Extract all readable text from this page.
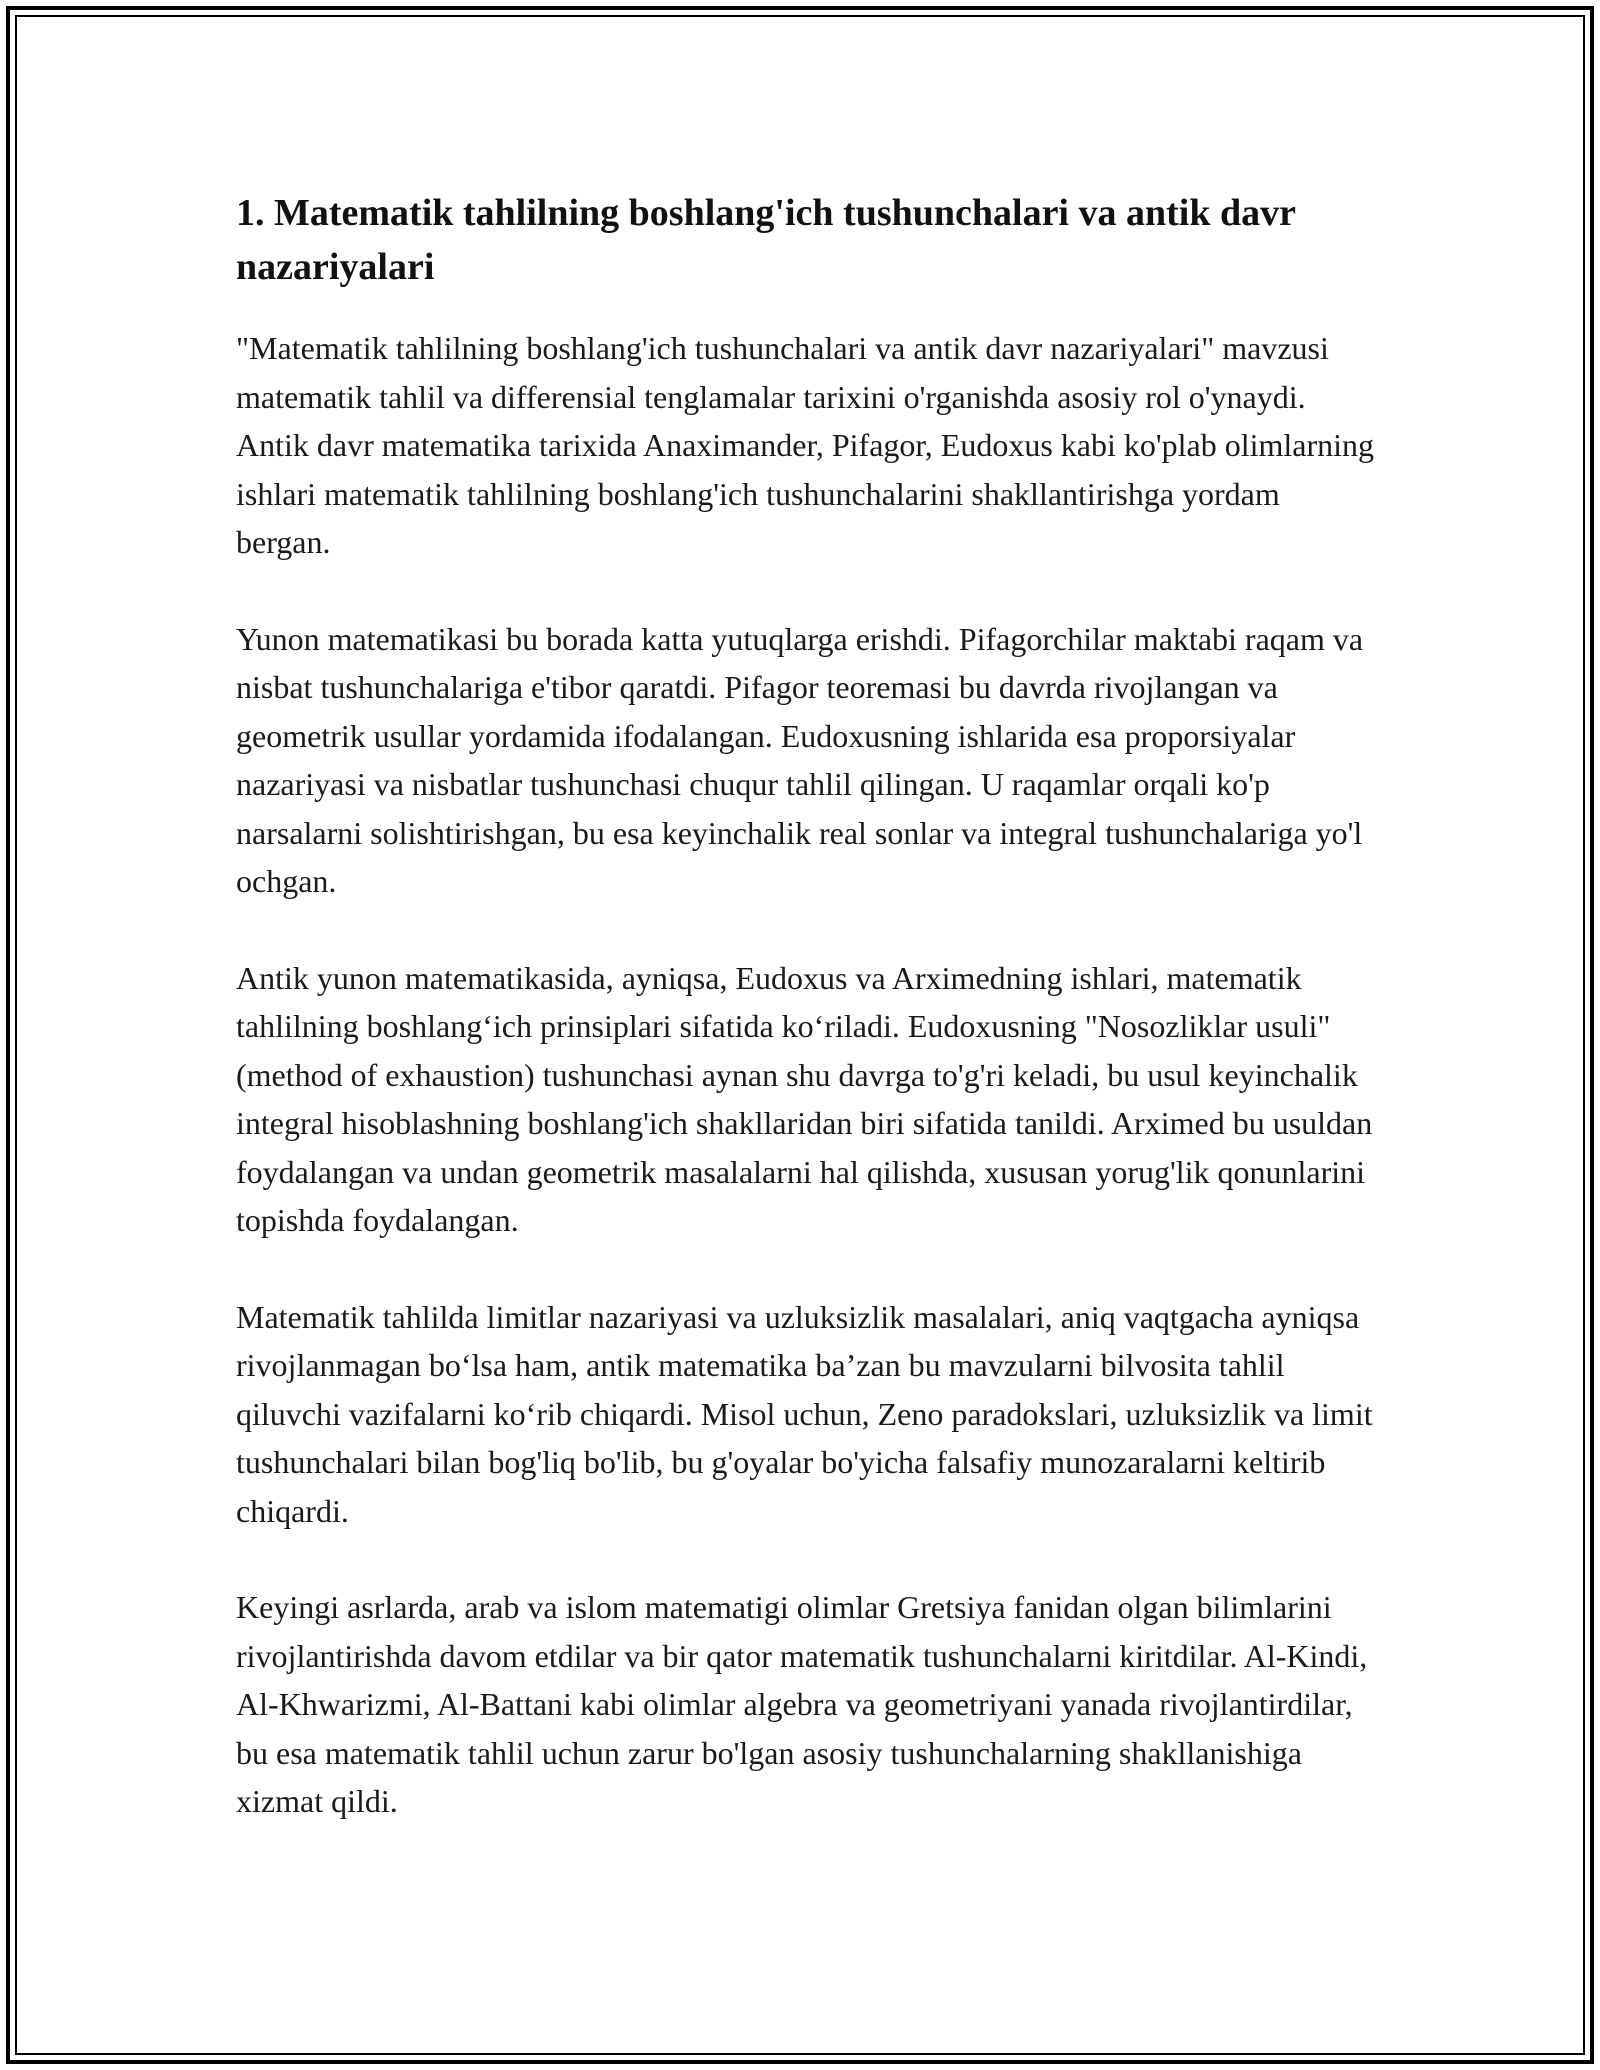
1. Matematik tahlilning boshlang'ich tushunchalari va antik davr nazariyalari

"Matematik tahlilning boshlang'ich tushunchalari va antik davr nazariyalari" mavzusi matematik tahlil va differensial tenglamalar tarixini o'rganishda asosiy rol o'ynaydi. Antik davr matematika tarixida Anaximander, Pifagor, Eudoxus kabi ko'plab olimlarning ishlari matematik tahlilning boshlang'ich tushunchalarini shakllantirishga yordam bergan.

Yunon matematikasi bu borada katta yutuqlarga erishdi. Pifagorchilar maktabi raqam va nisbat tushunchalariga e'tibor qaratdi. Pifagor teoremasi bu davrda rivojlangan va geometrik usullar yordamida ifodalangan. Eudoxusning ishlarida esa proporsiyalar nazariyasi va nisbatlar tushunchasi chuqur tahlil qilingan. U raqamlar orqali ko'p narsalarni solishtirishgan, bu esa keyinchalik real sonlar va integral tushunchalariga yo'l ochgan.

Antik yunon matematikasida, ayniqsa, Eudoxus va Arximedning ishlari, matematik tahlilning boshlang‘ich prinsiplari sifatida ko‘riladi. Eudoxusning "Nosozliklar usuli" (method of exhaustion) tushunchasi aynan shu davrga to'g'ri keladi, bu usul keyinchalik integral hisoblashning boshlang'ich shakllaridan biri sifatida tanildi. Arximed bu usuldan foydalangan va undan geometrik masalalarni hal qilishda, xususan yorug'lik qonunlarini topishda foydalangan.

Matematik tahlilda limitlar nazariyasi va uzluksizlik masalalari, aniq vaqtgacha ayniqsa rivojlanmagan bo‘lsa ham, antik matematika ba’zan bu mavzularni bilvosita tahlil qiluvchi vazifalarni ko‘rib chiqardi. Misol uchun, Zeno paradokslari, uzluksizlik va limit tushunchalari bilan bog'liq bo'lib, bu g'oyalar bo'yicha falsafiy munozaralarni keltirib chiqardi.

Keyingi asrlarda, arab va islom matematigi olimlar Gretsiya fanidan olgan bilimlarini rivojlantirishda davom etdilar va bir qator matematik tushunchalarni kiritdilar. Al-Kindi, Al-Khwarizmi, Al-Battani kabi olimlar algebra va geometriyani yanada rivojlantirdilar, bu esa matematik tahlil uchun zarur bo'lgan asosiy tushunchalarning shakllanishiga xizmat qildi.
